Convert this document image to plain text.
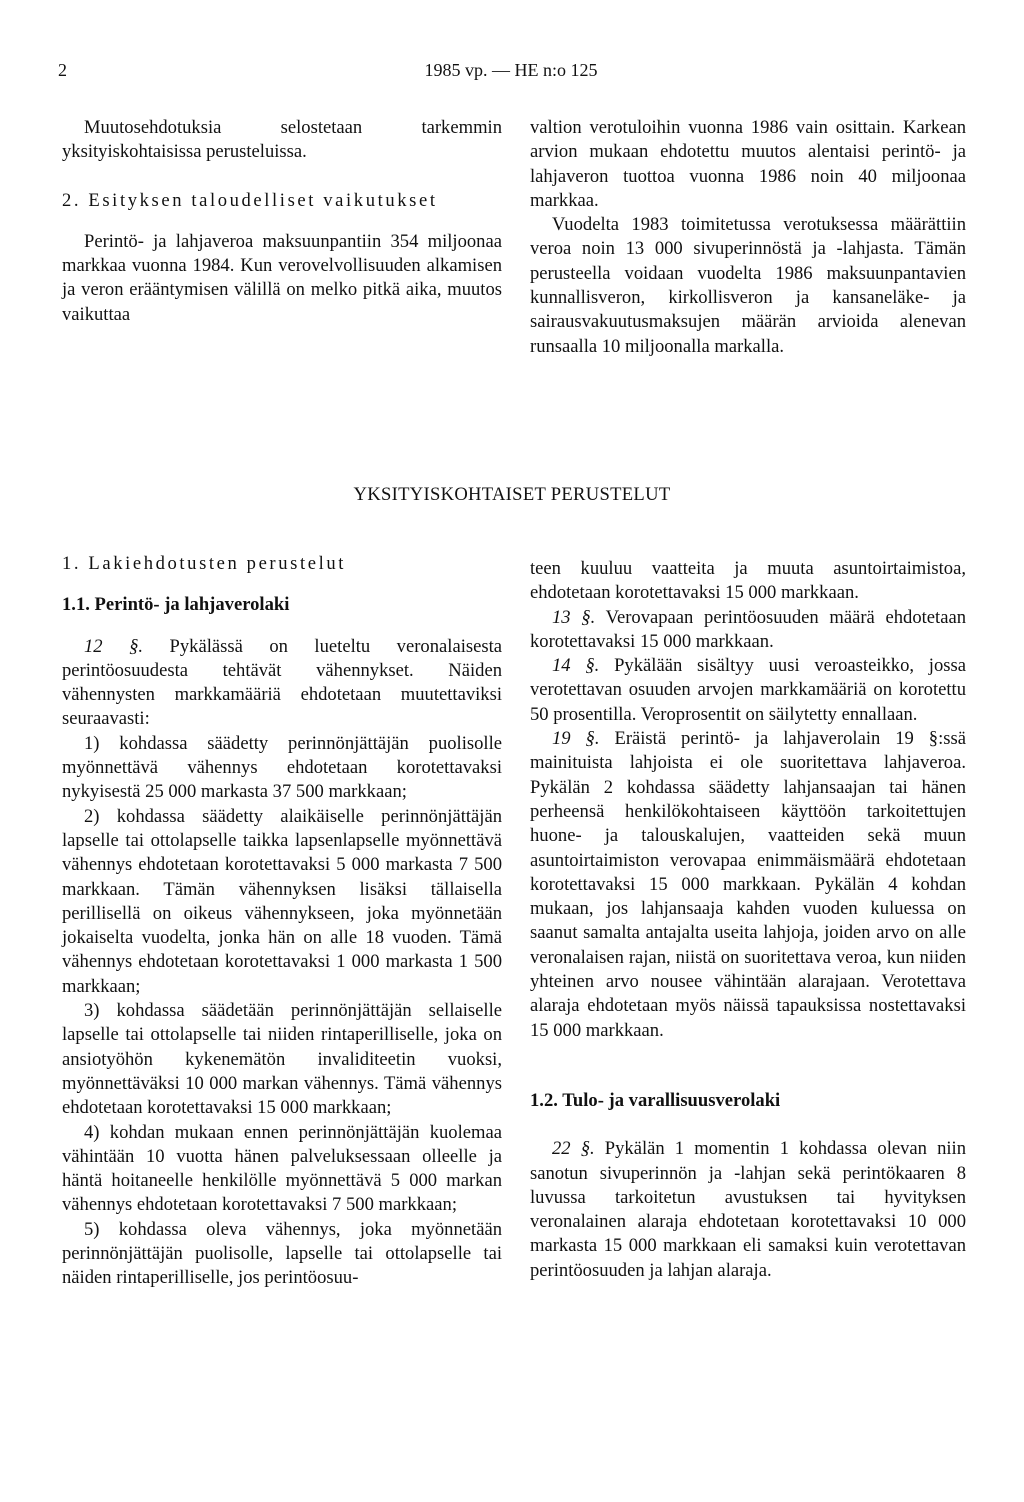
2	1985 vp. — HE n:o 125

Muutosehdotuksia selostetaan tarkemmin yksityiskohtaisissa perusteluissa.

2. Esityksen taloudelliset vaikutukset

Perintö- ja lahjaveroa maksuunpantiin 354 miljoonaa markkaa vuonna 1984. Kun verovelvollisuuden alkamisen ja veron erääntymisen välillä on melko pitkä aika, muutos vaikuttaa

valtion verotuloihin vuonna 1986 vain osittain. Karkean arvion mukaan ehdotettu muutos alentaisi perintö- ja lahjaveron tuottoa vuonna 1986 noin 40 miljoonaa markkaa.

Vuodelta 1983 toimitetussa verotuksessa määrättiin veroa noin 13 000 sivuperinnöstä ja -lahjasta. Tämän perusteella voidaan vuodelta 1986 maksuunpantavien kunnallisveron, kirkollisveron ja kansaneläke- ja sairausvakuutusmaksujen määrän arvioida alenevan runsaalla 10 miljoonalla markalla.

YKSITYISKOHTAISET PERUSTELUT

1. Lakiehdotusten perustelut

1.1. Perintö- ja lahjaverolaki

12 §. Pykälässä on lueteltu veronalaisesta perintöosuudesta tehtävät vähennykset. Näiden vähennysten markkamääriä ehdotetaan muutettaviksi seuraavasti:

1) kohdassa säädetty perinnönjättäjän puolisolle myönnettävä vähennys ehdotetaan korotettavaksi nykyisestä 25 000 markasta 37 500 markkaan;

2) kohdassa säädetty alaikäiselle perinnönjättäjän lapselle tai ottolapselle taikka lapsenlapselle myönnettävä vähennys ehdotetaan korotettavaksi 5 000 markasta 7 500 markkaan. Tämän vähennyksen lisäksi tällaisella perillisellä on oikeus vähennykseen, joka myönnetään jokaiselta vuodelta, jonka hän on alle 18 vuoden. Tämä vähennys ehdotetaan korotettavaksi 1 000 markasta 1 500 markkaan;

3) kohdassa säädetään perinnönjättäjän sellaiselle lapselle tai ottolapselle tai niiden rintaperilliselle, joka on ansiotyöhön kykenemätön invaliditeetin vuoksi, myönnettäväksi 10 000 markan vähennys. Tämä vähennys ehdotetaan korotettavaksi 15 000 markkaan;

4) kohdan mukaan ennen perinnönjättäjän kuolemaa vähintään 10 vuotta hänen palveluksessaan olleelle ja häntä hoitaneelle henkilölle myönnettävä 5 000 markan vähennys ehdotetaan korotettavaksi 7 500 markkaan;

5) kohdassa oleva vähennys, joka myönnetään perinnönjättäjän puolisolle, lapselle tai ottolapselle tai näiden rintaperilliselle, jos perintöosuu-

teen kuuluu vaatteita ja muuta asuntoirtaimistoa, ehdotetaan korotettavaksi 15 000 markkaan.

13 §. Verovapaan perintöosuuden määrä ehdotetaan korotettavaksi 15 000 markkaan.

14 §. Pykälään sisältyy uusi veroasteikko, jossa verotettavan osuuden arvojen markkamääriä on korotettu 50 prosentilla. Veroprosentit on säilytetty ennallaan.

19 §. Eräistä perintö- ja lahjaverolain 19 §:ssä mainituista lahjoista ei ole suoritettava lahjaveroa. Pykälän 2 kohdassa säädetty lahjansaajan tai hänen perheensä henkilökohtaiseen käyttöön tarkoitettujen huone- ja talouskalujen, vaatteiden sekä muun asuntoirtaimiston verovapaa enimmäismäärä ehdotetaan korotettavaksi 15 000 markkaan. Pykälän 4 kohdan mukaan, jos lahjansaaja kahden vuoden kuluessa on saanut samalta antajalta useita lahjoja, joiden arvo on alle veronalaisen rajan, niistä on suoritettava veroa, kun niiden yhteinen arvo nousee vähintään alarajaan. Verotettava alaraja ehdotetaan myös näissä tapauksissa nostettavaksi 15 000 markkaan.

1.2. Tulo- ja varallisuusverolaki

22 §. Pykälän 1 momentin 1 kohdassa olevan niin sanotun sivuperinnön ja -lahjan sekä perintökaaren 8 luvussa tarkoitetun avustuksen tai hyvityksen veronalainen alaraja ehdotetaan korotettavaksi 10 000 markasta 15 000 markkaan eli samaksi kuin verotettavan perintöosuuden ja lahjan alaraja.
